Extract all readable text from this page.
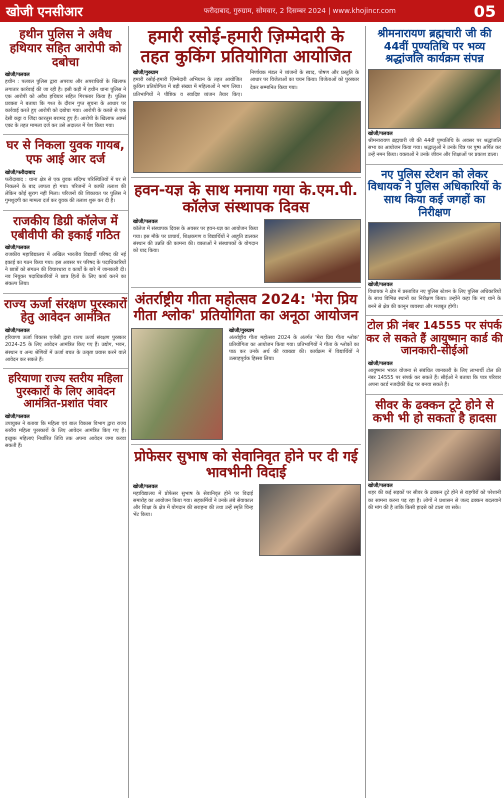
खोजी एनसीआर	फरीदाबाद, गुरुग्राम, सोमवार, 2 दिसम्बर 2024 | www.khojincr.com	05
हथीन पुलिस ने अवैध हथियार सहित आरोपी को दबोचा
खोजी/पलवल
हथीन : पलवल पुलिस द्वारा अपराध और अपराधियों के खिलाफ लगातार कार्रवाई की जा रही है। इसी कड़ी में हथीन थाना पुलिस ने एक आरोपी को अवैध हथियार सहित गिरफ्तार किया है। पुलिस प्रवक्ता ने बताया कि गश्त के दौरान गुप्त सूचना के आधार पर कार्रवाई करते हुए आरोपी को दबोचा गया। आरोपी के कब्जे से एक देसी कट्टा व जिंदा कारतूस बरामद हुए हैं। आरोपी के खिलाफ आर्म्स एक्ट के तहत मामला दर्ज कर उसे अदालत में पेश किया गया।
घर से निकला युवक गायब, एफ आई आर दर्ज
खोजी/फरीदाबाद
फरीदाबाद : थाना क्षेत्र से एक युवक संदिग्ध परिस्थितियों में घर से निकलने के बाद लापता हो गया। परिजनों ने काफी तलाश की लेकिन कोई सुराग नहीं मिला। परिजनों की शिकायत पर पुलिस ने गुमशुदगी का मामला दर्ज कर युवक की तलाश शुरू कर दी है।
राजकीय डिग्री कॉलेज में एबीवीपी की इकाई गठित
खोजी/पलवल
राजकीय महाविद्यालय में अखिल भारतीय विद्यार्थी परिषद की नई इकाई का गठन किया गया। इस अवसर पर परिषद के पदाधिकारियों ने छात्रों को संगठन की विचारधारा व कार्यों के बारे में जानकारी दी। नव नियुक्त पदाधिकारियों ने छात्र हितों के लिए कार्य करने का संकल्प लिया।
राज्य ऊर्जा संरक्षण पुरस्कारों हेतु आवेदन आमंत्रित
खोजी/पलवल
हरियाणा ऊर्जा विकास एजेंसी द्वारा राज्य ऊर्जा संरक्षण पुरस्कार 2024-25 के लिए आवेदन आमंत्रित किए गए हैं। उद्योग, भवन, संस्थान व अन्य श्रेणियों में ऊर्जा बचत के उत्कृष्ट प्रयास करने वाले आवेदन कर सकते हैं।
हरियाणा राज्य स्तरीय महिला पुरस्कारों के लिए आवेदन आमंत्रित-प्रशांत पंवार
खोजी/पलवल
उपायुक्त ने बताया कि महिला एवं बाल विकास विभाग द्वारा राज्य स्तरीय महिला पुरस्कारों के लिए आवेदन आमंत्रित किए गए हैं। इच्छुक महिलाएं निर्धारित तिथि तक अपना आवेदन जमा करवा सकती हैं।
हमारी रसोई-हमारी ज़िम्मेदारी के तहत कुकिंग प्रतियोगिता आयोजित
खोजी/गुरुग्राम
हमारी रसोई-हमारी ज़िम्मेदारी अभियान के तहत आयोजित कुकिंग प्रतियोगिता में बड़ी संख्या में महिलाओं ने भाग लिया। प्रतिभागियों ने पौष्टिक व स्वादिष्ट व्यंजन तैयार किए। निर्णायक मंडल ने व्यंजनों के स्वाद, पोषण और प्रस्तुति के आधार पर विजेताओं का चयन किया। विजेताओं को पुरस्कार देकर सम्मानित किया गया।
हवन-यज्ञ के साथ मनाया गया के.एम.पी. कॉलेज संस्थापक दिवस
खोजी/पलवल
कॉलेज में संस्थापक दिवस के अवसर पर हवन-यज्ञ का आयोजन किया गया। इस मौके पर प्राचार्य, शिक्षकगण व विद्यार्थियों ने आहुति डालकर संस्थान की उन्नति की कामना की। वक्ताओं ने संस्थापकों के योगदान को याद किया।
अंतर्राष्ट्रीय गीता महोत्सव 2024: 'मेरा प्रिय गीता श्लोक' प्रतियोगिता का अनूठा आयोजन
खोजी/गुरुग्राम
अंतर्राष्ट्रीय गीता महोत्सव 2024 के अंतर्गत 'मेरा प्रिय गीता श्लोक' प्रतियोगिता का आयोजन किया गया। प्रतिभागियों ने गीता के श्लोकों का पाठ कर उनके अर्थ की व्याख्या की। कार्यक्रम में विद्यार्थियों ने उत्साहपूर्वक हिस्सा लिया।
प्रोफेसर सुभाष को सेवानिवृत होने पर दी गई भावभीनी विदाई
खोजी/पलवल
महाविद्यालय में प्रोफेसर सुभाष के सेवानिवृत होने पर विदाई समारोह का आयोजन किया गया। सहकर्मियों ने उनके लंबे सेवाकाल और शिक्षा के क्षेत्र में योगदान की सराहना की तथा उन्हें स्मृति चिन्ह भेंट किया।
श्रीमनारायण ब्रह्मचारी जी की 44वीं पुण्यतिथि पर भव्य श्रद्धांजलि कार्यक्रम संपन्न
खोजी/पलवल
श्रीमनारायण ब्रह्मचारी जी की 44वीं पुण्यतिथि के अवसर पर श्रद्धांजलि सभा का आयोजन किया गया। श्रद्धालुओं ने उनके चित्र पर पुष्प अर्पित कर उन्हें नमन किया। वक्ताओं ने उनके जीवन और शिक्षाओं पर प्रकाश डाला।
नए पुलिस स्टेशन को लेकर विधायक ने पुलिस अधिकारियों के साथ किया कई जगहों का निरीक्षण
खोजी/पलवल
विधायक ने क्षेत्र में प्रस्तावित नए पुलिस स्टेशन के लिए पुलिस अधिकारियों के साथ विभिन्न स्थानों का निरीक्षण किया। उन्होंने कहा कि नए थाने के बनने से क्षेत्र की कानून व्यवस्था और मजबूत होगी।
टोल फ्री नंबर 14555 पर संपर्क कर ले सकते हैं आयुष्मान कार्ड की जानकारी-सीईओ
खोजी/पलवल
आयुष्मान भारत योजना से संबंधित जानकारी के लिए लाभार्थी टोल फ्री नंबर 14555 पर संपर्क कर सकते हैं। सीईओ ने बताया कि पात्र परिवार अपना कार्ड नजदीकी केंद्र पर बनवा सकते हैं।
सीवर के ढक्कन टूटे होने से कभी भी हो सकता है हादसा
खोजी/पलवल
शहर की कई सड़कों पर सीवर के ढक्कन टूटे होने से राहगीरों को परेशानी का सामना करना पड़ रहा है। लोगों ने प्रशासन से जल्द ढक्कन बदलवाने की मांग की है ताकि किसी हादसे को टाला जा सके।
